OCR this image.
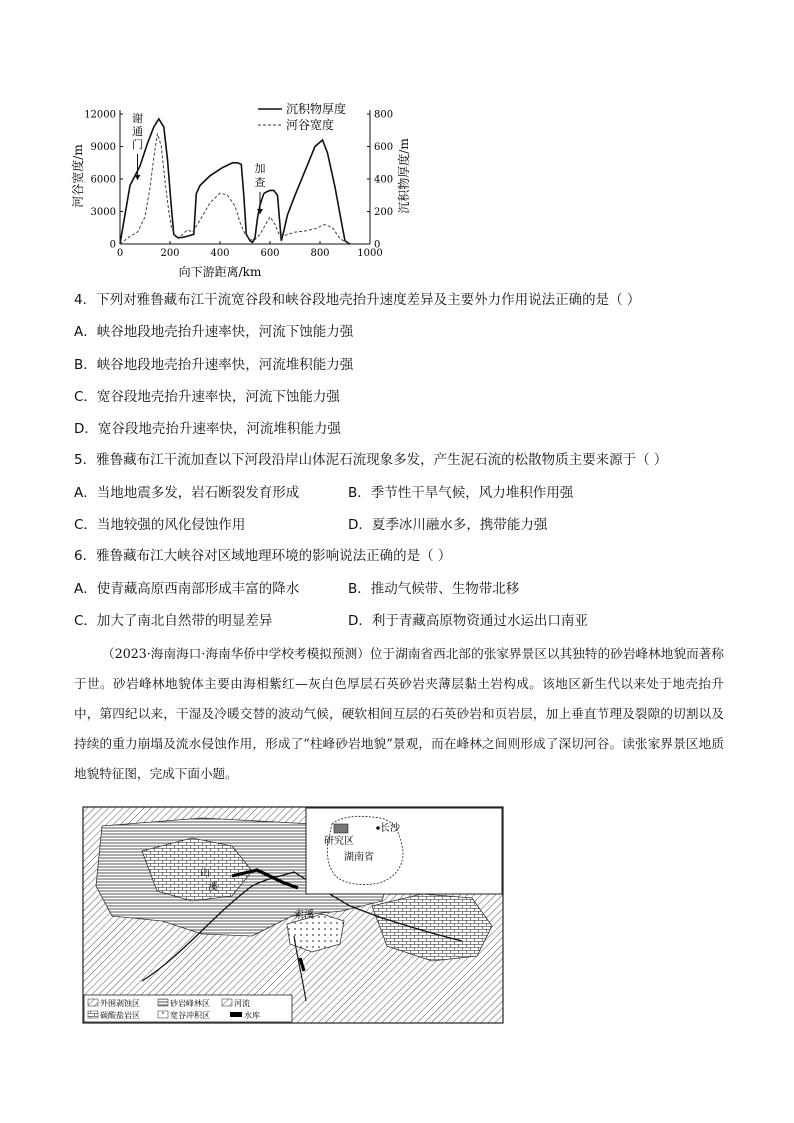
0	200	400	600	800	1000
0
3000
6000
9000
12000
0
200
400
600
800
谢
通
门
加
查
沉积物厚度
河谷宽度
向下游距离/km
河谷宽度/m	沉积物厚度/m
4．下列对雅鲁藏布江干流宽谷段和峡谷段地壳抬升速度差异及主要外力作用说法正确的是（ ）
A．峡谷地段地壳抬升速率快，河流下蚀能力强
B．峡谷地段地壳抬升速率快，河流堆积能力强
C．宽谷段地壳抬升速率快，河流下蚀能力强
D．宽谷段地壳抬升速率快，河流堆积能力强
5．雅鲁藏布江干流加查以下河段沿岸山体泥石流现象多发，产生泥石流的松散物质主要来源于（ ）
A．当地地震多发，岩石断裂发育形成	B．季节性干旱气候，风力堆积作用强
C．当地较强的风化侵蚀作用	D．夏季冰川融水多，携带能力强
6．雅鲁藏布江大峡谷对区域地理环境的影响说法正确的是（ ）
A．使青藏高原西南部形成丰富的降水	B．推动气候带、生物带北移
C．加大了南北自然带的明显差异	D．利于青藏高原物资通过水运出口南亚
（2023·海南海口·海南华侨中学校考模拟预测）位于湖南省西北部的张家界景区以其独特的砂岩峰林地貌而著称于世。砂岩峰林地貌体主要由海相紫红—灰白色厚层石英砂岩夹薄层黏土岩构成。该地区新生代以来处于地壳抬升中，第四纪以来，干湿及冷暖交替的波动气候，硬软相间互层的石英砂岩和页岩层，加上垂直节理及裂隙的切割以及持续的重力崩塌及流水侵蚀作用，形成了“柱峰砂岩地貌”景观，而在峰林之间则形成了深切河谷。读张家界景区地质地貌特征图，完成下面小题。
山
溪
索溪
研究区
长沙
湖南省
外围剥蚀区	砂岩峰林区	河流
碳酸盐岩区	宽谷冲积区	水库
